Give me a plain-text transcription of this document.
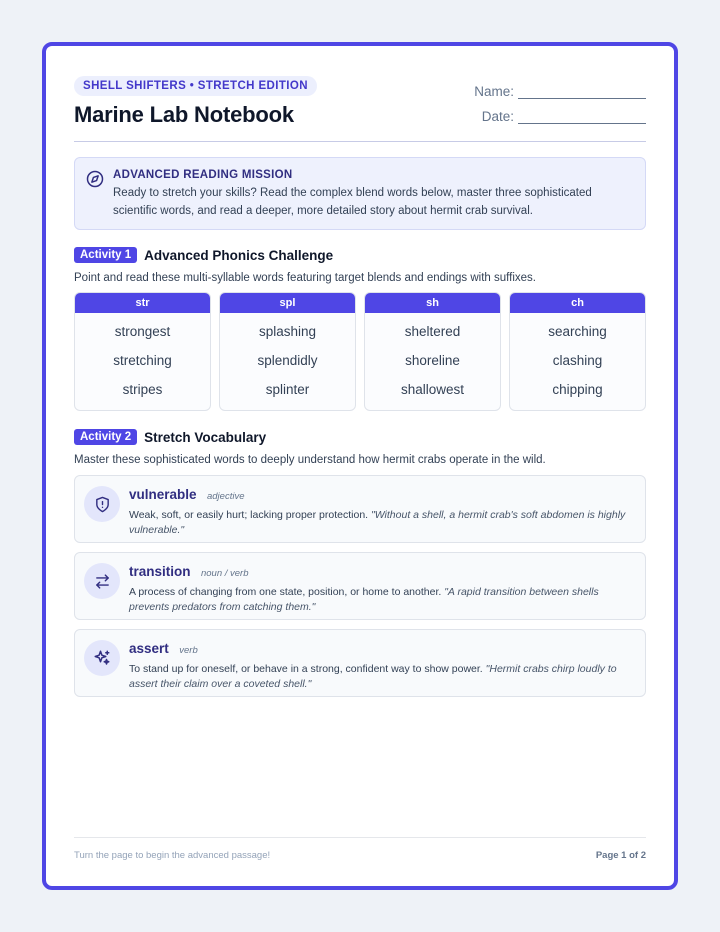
SHELL SHIFTERS • STRETCH EDITION
Marine Lab Notebook
Name:
Date:
ADVANCED READING MISSION
Ready to stretch your skills? Read the complex blend words below, master three sophisticated scientific words, and read a deeper, more detailed story about hermit crab survival.
Activity 1 Advanced Phonics Challenge
Point and read these multi-syllable words featuring target blends and endings with suffixes.
str
strongest
stretching
stripes
spl
splashing
splendidly
splinter
sh
sheltered
shoreline
shallowest
ch
searching
clashing
chipping
Activity 2 Stretch Vocabulary
Master these sophisticated words to deeply understand how hermit crabs operate in the wild.
vulnerable adjective
Weak, soft, or easily hurt; lacking proper protection. "Without a shell, a hermit crab's soft abdomen is highly vulnerable."
transition noun / verb
A process of changing from one state, position, or home to another. "A rapid transition between shells prevents predators from catching them."
assert verb
To stand up for oneself, or behave in a strong, confident way to show power. "Hermit crabs chirp loudly to assert their claim over a coveted shell."
Turn the page to begin the advanced passage!	Page 1 of 2
